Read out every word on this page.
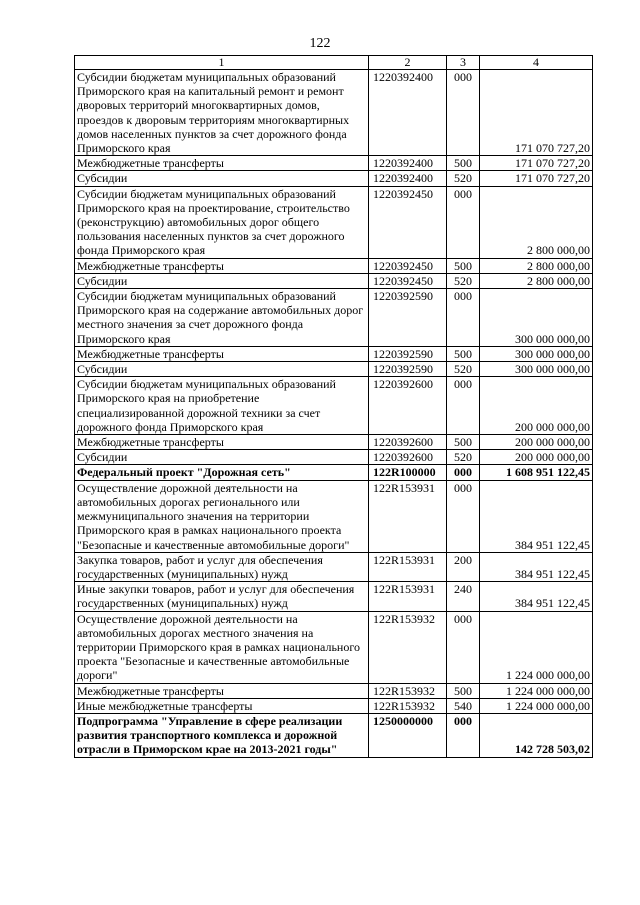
122
1	2	3	4
Субсидии бюджетам муниципальных образований Приморского края на капитальный ремонт и ремонт дворовых территорий многоквартирных домов, проездов к дворовым территориям многоквартирных домов населенных пунктов за счет дорожного фонда Приморского края	1220392400	000	171 070 727,20
Межбюджетные трансферты	1220392400	500	171 070 727,20
Субсидии	1220392400	520	171 070 727,20
Субсидии бюджетам муниципальных образований Приморского края на проектирование, строительство (реконструкцию) автомобильных дорог общего пользования населенных пунктов за счет дорожного фонда Приморского края	1220392450	000	2 800 000,00
Межбюджетные трансферты	1220392450	500	2 800 000,00
Субсидии	1220392450	520	2 800 000,00
Субсидии бюджетам муниципальных образований Приморского края на содержание автомобильных дорог местного значения за счет дорожного фонда Приморского края	1220392590	000	300 000 000,00
Межбюджетные трансферты	1220392590	500	300 000 000,00
Субсидии	1220392590	520	300 000 000,00
Субсидии бюджетам муниципальных образований Приморского края на приобретение специализированной дорожной техники за счет дорожного фонда Приморского края	1220392600	000	200 000 000,00
Межбюджетные трансферты	1220392600	500	200 000 000,00
Субсидии	1220392600	520	200 000 000,00
Федеральный проект "Дорожная сеть"	122R100000	000	1 608 951 122,45
Осуществление дорожной деятельности на автомобильных дорогах регионального или межмуниципального значения на территории Приморского края в рамках национального проекта "Безопасные и качественные автомобильные дороги"	122R153931	000	384 951 122,45
Закупка товаров, работ и услуг для обеспечения государственных (муниципальных) нужд	122R153931	200	384 951 122,45
Иные закупки товаров, работ и услуг для обеспечения государственных (муниципальных) нужд	122R153931	240	384 951 122,45
Осуществление дорожной деятельности на автомобильных дорогах местного значения на территории Приморского края в рамках национального проекта "Безопасные и качественные автомобильные дороги"	122R153932	000	1 224 000 000,00
Межбюджетные трансферты	122R153932	500	1 224 000 000,00
Иные межбюджетные трансферты	122R153932	540	1 224 000 000,00
Подпрограмма "Управление в сфере реализации развития транспортного комплекса и дорожной отрасли в Приморском крае на 2013-2021 годы"	1250000000	000	142 728 503,02
